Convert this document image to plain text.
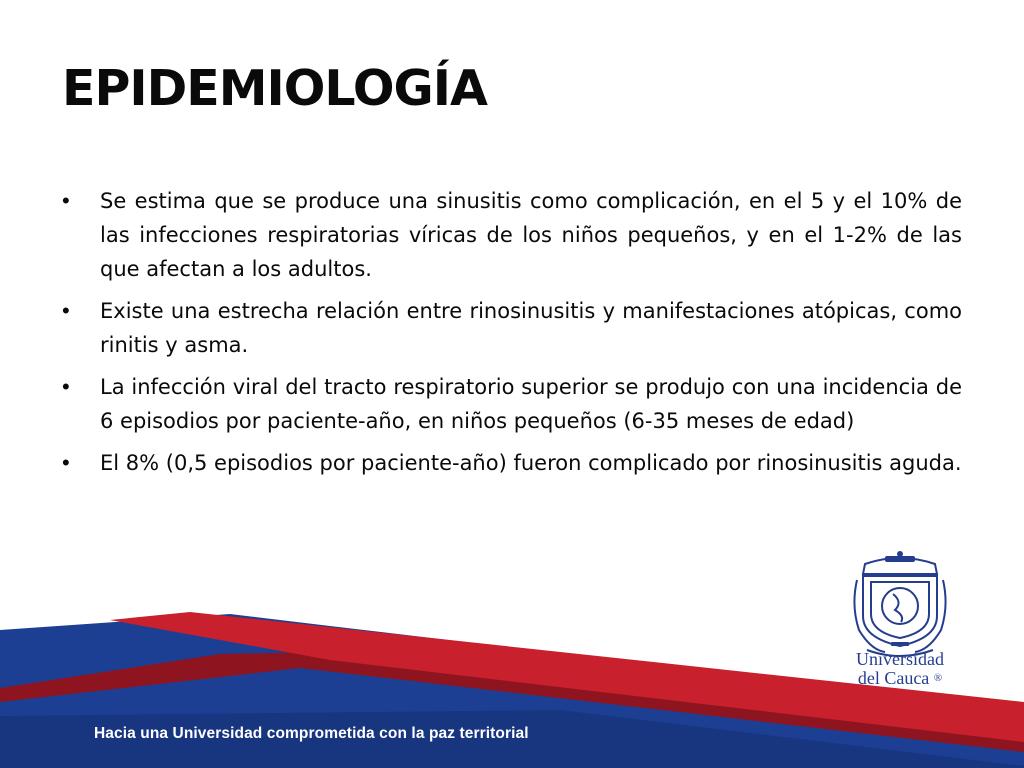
EPIDEMIOLOGÍA
• Se estima que se produce una sinusitis como complicación, en el 5 y el 10% de las infecciones respiratorias víricas de los niños pequeños, y en el 1-2% de las que afectan a los adultos.
• Existe una estrecha relación entre rinosinusitis y manifestaciones atópicas, como rinitis y asma.
• La infección viral del tracto respiratorio superior se produjo con una incidencia de 6 episodios por paciente-año, en niños pequeños (6-35 meses de edad)
• El 8% (0,5 episodios por paciente-año) fueron complicado por rinosinusitis aguda.
Universidad
del Cauca ®
Hacia una Universidad comprometida con la paz territorial
